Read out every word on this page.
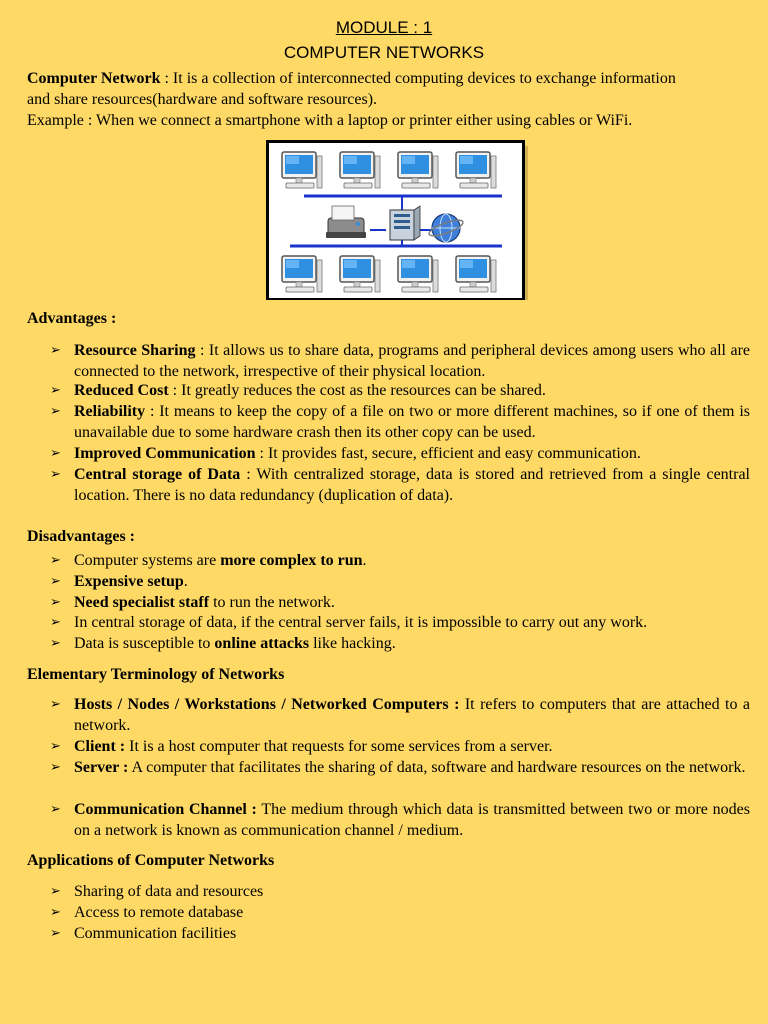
MODULE : 1
COMPUTER NETWORKS
Computer Network : It is a collection of interconnected computing devices to exchange information
and share resources(hardware and software resources).
Example : When we connect a smartphone with a laptop or printer either using cables or WiFi.
Advantages :
➢ Resource Sharing : It allows us to share data, programs and peripheral devices among users who all are connected to the network, irrespective of their physical location.
➢ Reduced Cost : It greatly reduces the cost as the resources can be shared.
➢ Reliability : It means to keep the copy of a file on two or more different machines, so if one of them is unavailable due to some hardware crash then its other copy can be used.
➢ Improved Communication : It provides fast, secure, efficient and easy communication.
➢ Central storage of Data : With centralized storage, data is stored and retrieved from a single central location. There is no data redundancy (duplication of data).
Disadvantages :
➢ Computer systems are more complex to run.
➢ Expensive setup.
➢ Need specialist staff to run the network.
➢ In central storage of data, if the central server fails, it is impossible to carry out any work.
➢ Data is susceptible to online attacks like hacking.
Elementary Terminology of Networks
➢ Hosts / Nodes / Workstations / Networked Computers : It refers to computers that are attached to a network.
➢ Client : It is a host computer that requests for some services from a server.
➢ Server : A computer that facilitates the sharing of data, software and hardware resources on the network.
➢ Communication Channel : The medium through which data is transmitted between two or more nodes on a network is known as communication channel / medium.
Applications of Computer Networks
➢ Sharing of data and resources
➢ Access to remote database
➢ Communication facilities
